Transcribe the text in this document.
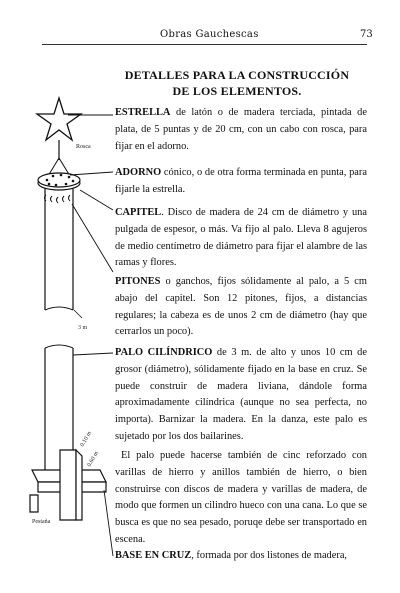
Obras Gauchescas	73
DETALLES PARA LA CONSTRUCCIÓN
DE LOS ELEMENTOS.
Rosca
3 m
0.10 m
0.60 m
Pestaña
ESTRELLA de latón o de madera terciada, pintada de plata, de 5 puntas y de 20 cm, con un cabo con rosca, para fijar en el adorno.
ADORNO cónico, o de otra forma terminada en punta, para fijarle la estrella.
CAPITEL. Disco de madera de 24 cm de diámetro y una pulgada de espesor, o más. Va fijo al palo. Lleva 8 agujeros de medio centímetro de diámetro para fijar el alambre de las ramas y flores.
PITONES o ganchos, fijos sólidamente al palo, a 5 cm abajo del capitel. Son 12 pitones, fijos, a distancias regulares; la cabeza es de unos 2 cm de diámetro (hay que cerrarlos un poco).
PALO CILÍNDRICO de 3 m. de alto y unos 10 cm de grosor (diámetro), sólidamente fijado en la base en cruz. Se puede construir de madera liviana, dándole forma aproximadamente cilíndrica (aunque no sea perfecta, no importa). Barnizar la madera. En la danza, este palo es sujetado por los dos bailarines.
El palo puede hacerse también de cinc reforzado con varillas de hierro y anillos también de hierro, o bien construirse con discos de madera y varillas de madera, de modo que formen un cilindro hueco con una cana. Lo que se busca es que no sea pesado, poruqe debe ser transportado en escena.
BASE EN CRUZ, formada por dos listones de madera,
